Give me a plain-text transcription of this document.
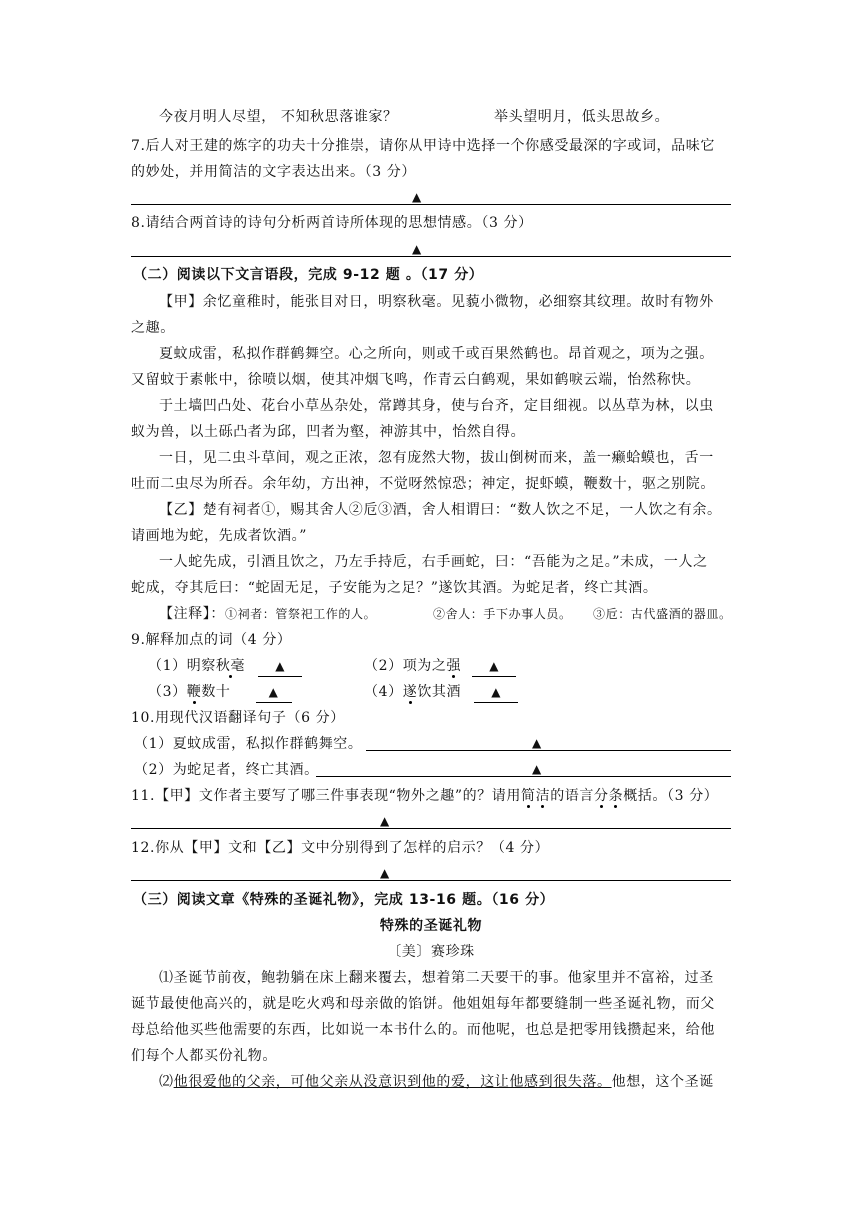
今夜月明人尽望， 不知秋思落谁家？	举头望明月，低头思故乡。
7.后人对王建的炼字的功夫十分推崇，请你从甲诗中选择一个你感受最深的字或词，品味它
的妙处，并用简洁的文字表达出来。（3 分）
▲
8.请结合两首诗的诗句分析两首诗所体现的思想情感。（3 分）
▲
（二）阅读以下文言语段，完成 9-12 题 。（17 分）
【甲】余忆童稚时，能张目对日，明察秋毫。见藐小微物，必细察其纹理。故时有物外
之趣。
夏蚊成雷，私拟作群鹤舞空。心之所向，则或千或百果然鹤也。昂首观之，项为之强。
又留蚊于素帐中，徐喷以烟，使其冲烟飞鸣，作青云白鹤观，果如鹤唳云端，怡然称快。
于土墙凹凸处、花台小草丛杂处，常蹲其身，使与台齐，定目细视。以丛草为林，以虫
蚁为兽，以土砾凸者为邱，凹者为壑，神游其中，怡然自得。
一日，见二虫斗草间，观之正浓，忽有庞然大物，拔山倒树而来，盖一癞蛤蟆也，舌一
吐而二虫尽为所吞。余年幼，方出神，不觉呀然惊恐；神定，捉虾蟆，鞭数十，驱之别院。
【乙】楚有祠者①，赐其舍人②卮③酒，舍人相谓曰：“数人饮之不足，一人饮之有余。
请画地为蛇，先成者饮酒。”
一人蛇先成，引酒且饮之，乃左手持卮，右手画蛇，曰：“吾能为之足。”未成，一人之
蛇成，夺其卮曰：“蛇固无足，子安能为之足？”遂饮其酒。为蛇足者，终亡其酒。
【注释】：①祠者：管祭祀工作的人。	②舍人：手下办事人员。 ③卮：古代盛酒的器皿。
9.解释加点的词（4 分）
（1）明察秋毫	▲	（2）项为之强 ▲
（3）鞭数十	▲	（4）遂饮其酒	▲
10.用现代汉语翻译句子（6 分）
（1）夏蚊成雷，私拟作群鹤舞空。	▲
（2）为蛇足者，终亡其酒。	▲
11.【甲】文作者主要写了哪三件事表现“物外之趣”的？请用简洁的语言分条概括。（3 分）
▲
12.你从【甲】文和【乙】文中分别得到了怎样的启示？（4 分）
▲
（三）阅读文章《特殊的圣诞礼物》，完成 13-16 题。（16 分）
特殊的圣诞礼物
〔美〕赛珍珠
⑴圣诞节前夜，鲍勃躺在床上翻来覆去，想着第二天要干的事。他家里并不富裕，过圣
诞节最使他高兴的，就是吃火鸡和母亲做的馅饼。他姐姐每年都要缝制一些圣诞礼物，而父
母总给他买些他需要的东西，比如说一本书什么的。而他呢，也总是把零用钱攒起来，给他
们每个人都买份礼物。
⑵他很爱他的父亲，可他父亲从没意识到他的爱，这让他感到很失落。他想，这个圣诞
